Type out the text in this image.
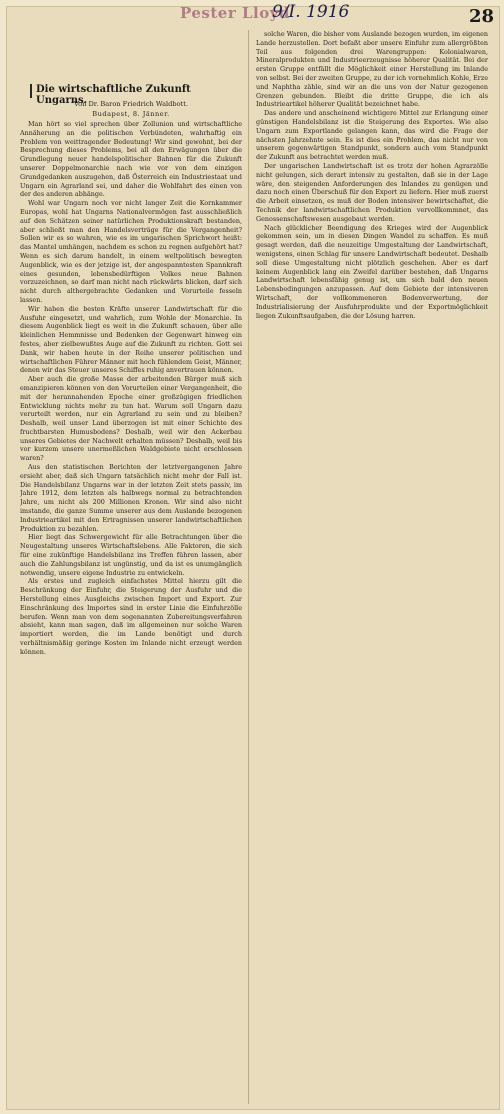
Pester Lloyd
9/I. 1916	28
Die wirtschaftliche Zukunft Ungarns.
Von Dr. Baron Friedrich Waldbott.
Budapest, 8. Jänner.

Man hört so viel sprechen über Zollunion und wirtschaftliche Annäherung an die politischen Verbündeten, wahrhaftig ein Problem von weittragender Bedeutung! Wir sind gewohnt, bei der Besprechung dieses Problems, bei all den Erwägungen über die Grundlegung neuer handelspolitischer Bahnen für die Zukunft unserer Doppelmonarchie nach wie vor von dem einzigen Grundgedanken auszugehen, daß Österreich ein Industriestaat und Ungarn ein Agrarland sei, und daher die Wohlfahrt des einen von der des anderen abhänge.

Wohl war Ungarn noch vor nicht langer Zeit die Kornkammer Europas, wohl hat Ungarns Nationalvermögen fast ausschließlich auf den Schätzen seiner natürlichen Produktionskraft bestanden, aber schließt man den Handelsverträge für die Vergangenheit? Sollen wir es so wahren, wie es im ungarischen Sprichwort heißt: das Mantel umhängen, nachdem es schon zu regnen aufgehört hat? Wenn es sich darum handelt, in einem weltpolitisch bewegten Augenblick, wie es der jetzige ist, der angespanntesten Spannkraft eines gesunden, lebensbedürftigen Volkes neue Bahnen vorzuzeichnen, so darf man nicht nach rückwärts blicken, darf sich nicht durch althergebrachte Gedanken und Vorurteile fesseln lassen.

Wir haben die besten Kräfte unserer Landwirtschaft für die Ausfuhr eingesetzt, und wahrlich, zum Wohle der Monarchie. In diesem Augenblick liegt es weit in die Zukunft schauen, über alle kleinlichen Hemmnisse und Bedenken der Gegenwart hinweg ein festes, aber zielbewußtes Auge auf die Zukunft zu richten. Gott sei Dank, wir haben heute in der Reihe unserer politischen und wirtschaftlichen Führer Männer mit hoch fühlendem Geist, Männer, denen wir das Steuer unseres Schiffes ruhig anvertrauen können.

Aber auch die große Masse der arbeitenden Bürger muß sich emanzipieren können von den Vorurteilen einer Vergangenheit, die mit der herannahenden Epoche einer großzügigen friedlichen Entwicklung nichts mehr zu tun hat. Warum soll Ungarn dazu verurteilt werden, nur ein Agrarland zu sein und zu bleiben? Deshalb, weil unser Land überzogen ist mit einer Schichte des fruchtbarsten Humusbodens? Deshalb, weil wir den Ackerbau unseres Gebietes der Nachwelt erhalten müssen? Deshalb, weil bis vor kurzem unsere unermeßlichen Waldgebiete nicht erschlossen waren?

Aus den statistischen Berichten der letztvergangenen Jahre ersieht aber, daß sich Ungarn tatsächlich nicht mehr der Fall ist. Die Handelsbilanz Ungarns war in der letzten Zeit stets passiv, im Jahre 1912, dem letzten als halbwegs normal zu betrachtenden Jahre, um nicht als 200 Millionen Kronen. Wir sind also nicht imstande, die ganze Summe unserer aus dem Auslande bezogenen Industrieartikel mit den Ertragnissen unserer landwirtschaftlichen Produktion zu bezahlen.

Hier liegt das Schwergewicht für alle Betrachtungen über die Neugestaltung unseres Wirtschaftslebens. Alle Faktoren, die sich für eine zukünftige Handelsbilanz ins Treffen führen lassen, aber auch die Zahlungsbilanz ist ungünstig, und da ist es unumgänglich notwendig, unsere eigene Industrie zu entwickeln.

Als erstes und zugleich einfachstes Mittel hierzu gilt die Beschränkung der Einfuhr, die Steigerung der Ausfuhr und die Herstellung eines Ausgleichs zwischen Import und Export. Zur Einschränkung des Importes sind in erster Linie die Einfuhrzölle berufen. Wenn man von dem sogenannten Zubereitungsverfahren absieht, kann man sagen, daß im allgemeinen nur solche Waren importiert werden, die im Lande benötigt und durch verhältnismäßig geringe Kosten im Inlande nicht erzeugt werden können.

solche Waren, die bisher vom Auslande bezogen wurden, im eigenen Lande herzustellen. Dort befaßt aber unsere Einfuhr zum allergrößten Teil aus folgenden drei Warengruppen: Kolonialwaren, Mineralprodukten und Industrieerzeugnisse höherer Qualität. Bei der ersten Gruppe entfällt die Möglichkeit einer Herstellung im Inlande von selbst. Bei der zweiten Gruppe, zu der ich vornehmlich Kohle, Erze und Naphtha zähle, sind wir an die uns von der Natur gezogenen Grenzen gebunden. Bleibt die dritte Gruppe, die ich als Industrieartikel höherer Qualität bezeichnet habe.

Das andere und anscheinend wichtigere Mittel zur Erlangung einer günstigen Handelsbilanz ist die Steigerung des Exportes. Wie also Ungarn zum Exportlande gelangen kann, das wird die Frage der nächsten Jahrzehnte sein. Es ist dies ein Problem, das nicht nur von unserem gegenwärtigen Standpunkt, sondern auch vom Standpunkt der Zukunft aus betrachtet werden muß.

Der ungarischen Landwirtschaft ist es trotz der hohen Agrarzölle nicht gelungen, sich derart intensiv zu gestalten, daß sie in der Lage wäre, den steigenden Anforderungen des Inlandes zu genügen und dazu noch einen Überschuß für den Export zu liefern. Hier muß zuerst die Arbeit einsetzen, es muß der Boden intensiver bewirtschaftet, die Technik der landwirtschaftlichen Produktion vervollkommnet, das Genossenschaftswesen ausgebaut werden.

Nach glücklicher Beendigung des Krieges wird der Augenblick gekommen sein, um in diesen Dingen Wandel zu schaffen. Es muß gesagt werden, daß die neuzeitige Umgestaltung der Landwirtschaft, wenigstens, einen Schlag für unsere Landwirtschaft bedeutet. Deshalb soll diese Umgestaltung nicht plötzlich geschehen. Aber es darf keinem Augenblick lang ein Zweifel darüber bestehen, daß Ungarns Landwirtschaft lebensfähig genug ist, um sich bald den neuen Lebensbedingungen anzupassen. Auf dem Gebiete der intensiveren Wirtschaft, der vollkommeneren Bodenverwertung, der Industrialisierung der Ausfuhrprodukte und der Exportmöglichkeit liegen Zukunftsaufgaben, die der Lösung harren.
